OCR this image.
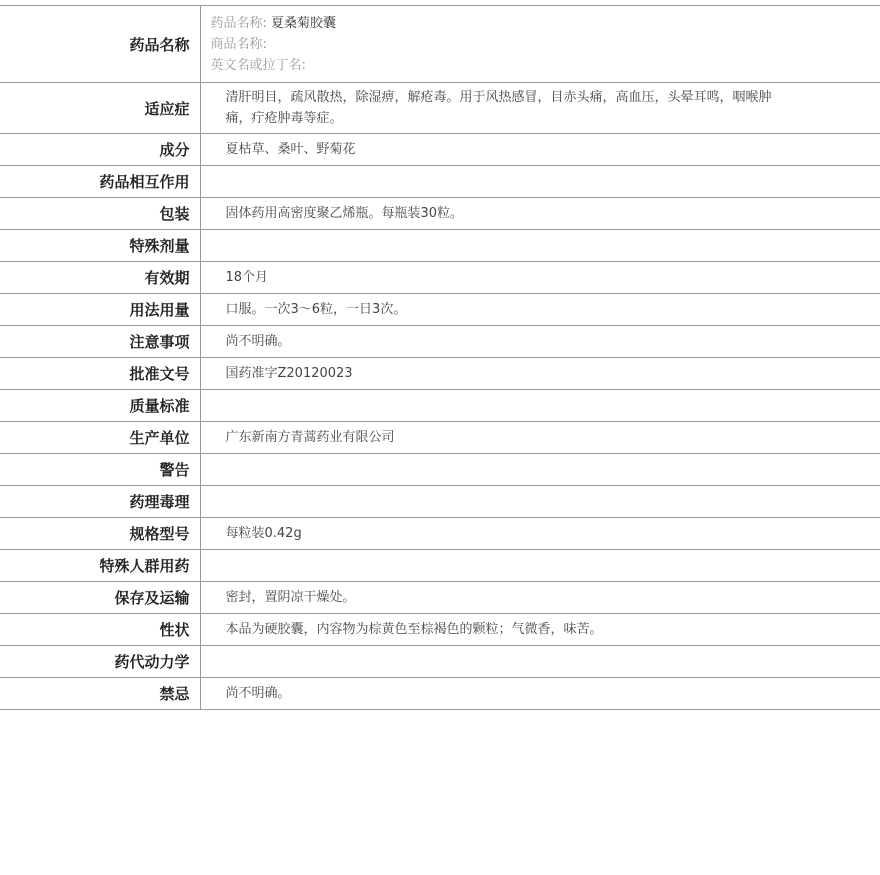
药品名称	药品名称: 夏桑菊胶囊
商品名称:
英文名或拉丁名:

适应症	清肝明目，疏风散热，除湿痹，解疮毒。用于风热感冒，目赤头痛，高血压，头晕耳鸣，咽喉肿痛，疔疮肿毒等症。
成分	夏枯草、桑叶、野菊花
药品相互作用	
包装	固体药用高密度聚乙烯瓶。每瓶装30粒。
特殊剂量	
有效期	18个月
用法用量	口服。一次3～6粒，一日3次。
注意事项	尚不明确。
批准文号	国药准字Z20120023
质量标准	
生产单位	广东新南方青蒿药业有限公司
警告	
药理毒理	
规格型号	每粒装0.42g
特殊人群用药	
保存及运输	密封，置阴凉干燥处。
性状	本品为硬胶囊，内容物为棕黄色至棕褐色的颗粒；气微香，味苦。
药代动力学	
禁忌	尚不明确。
